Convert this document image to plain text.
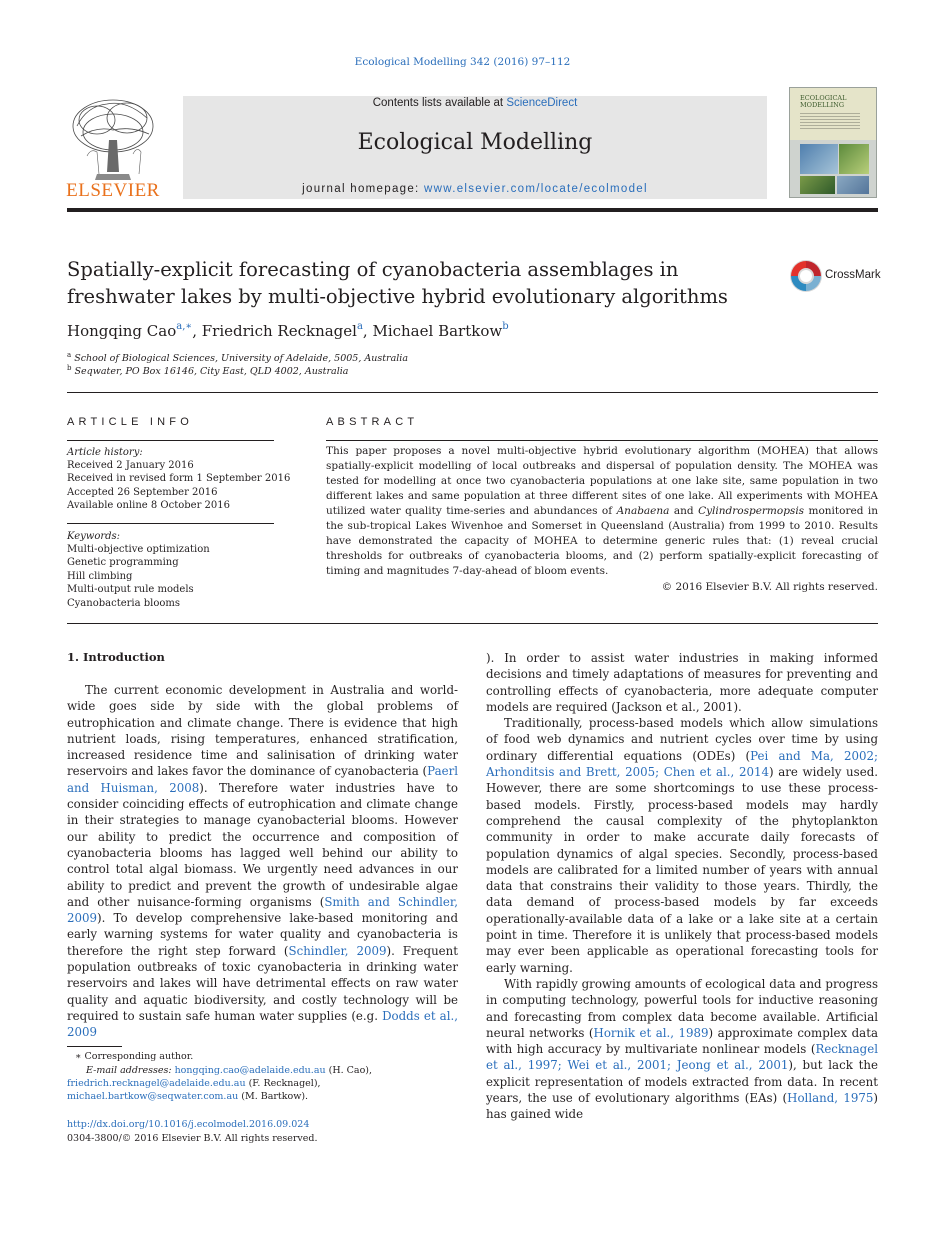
Ecological Modelling 342 (2016) 97–112
Contents lists available at ScienceDirect
Ecological Modelling
journal homepage: www.elsevier.com/locate/ecolmodel
ELSEVIER
ECOLOGICAL MODELLING
Spatially-explicit forecasting of cyanobacteria assemblages in
freshwater lakes by multi-objective hybrid evolutionary algorithms
CrossMark
Hongqing Cao$^{a,∗}$, Friedrich Recknagel$^a$, Michael Bartkow$^b$
$^a$ School of Biological Sciences, University of Adelaide, 5005, Australia
$^b$ Seqwater, PO Box 16146, City East, QLD 4002, Australia
ARTICLE INFO
Article history:
Received 2 January 2016
Received in revised form 1 September 2016
Accepted 26 September 2016
Available online 8 October 2016
Keywords:
Multi-objective optimization
Genetic programming
Hill climbing
Multi-output rule models
Cyanobacteria blooms
ABSTRACT
This paper proposes a novel multi-objective hybrid evolutionary algorithm (MOHEA) that allows spatially-explicit modelling of local outbreaks and dispersal of population density. The MOHEA was tested for modelling at once two cyanobacteria populations at one lake site, same population in two different lakes and same population at three different sites of one lake. All experiments with MOHEA utilized water quality time-series and abundances of Anabaena and Cylindrospermopsis monitored in the sub-tropical Lakes Wivenhoe and Somerset in Queensland (Australia) from 1999 to 2010. Results have demonstrated the capacity of MOHEA to determine generic rules that: (1) reveal crucial thresholds for outbreaks of cyanobacteria blooms, and (2) perform spatially-explicit forecasting of timing and magnitudes 7-day-ahead of bloom events.
© 2016 Elsevier B.V. All rights reserved.
1. Introduction

The current economic development in Australia and world-wide goes side by side with the global problems of eutrophication and climate change. There is evidence that high nutrient loads, rising temperatures, enhanced stratification, increased residence time and salinisation of drinking water reservoirs and lakes favor the dominance of cyanobacteria (Paerl and Huisman, 2008). Therefore water industries have to consider coinciding effects of eutrophication and climate change in their strategies to manage cyanobacterial blooms. However our ability to predict the occurrence and composition of cyanobacteria blooms has lagged well behind our ability to control total algal biomass. We urgently need advances in our ability to predict and prevent the growth of undesirable algae and other nuisance-forming organisms (Smith and Schindler, 2009). To develop comprehensive lake-based monitoring and early warning systems for water quality and cyanobacteria is therefore the right step forward (Schindler, 2009). Frequent population outbreaks of toxic cyanobacteria in drinking water reservoirs and lakes will have detrimental effects on raw water quality and aquatic biodiversity, and costly technology will be required to sustain safe human water supplies (e.g. Dodds et al., 2009

). In order to assist water industries in making informed decisions and timely adaptations of measures for preventing and controlling effects of cyanobacteria, more adequate computer models are required (Jackson et al., 2001).

Traditionally, process-based models which allow simulations of food web dynamics and nutrient cycles over time by using ordinary differential equations (ODEs) (Pei and Ma, 2002; Arhonditsis and Brett, 2005; Chen et al., 2014) are widely used. However, there are some shortcomings to use these process-based models. Firstly, process-based models may hardly comprehend the causal complexity of the phytoplankton community in order to make accurate daily forecasts of population dynamics of algal species. Secondly, process-based models are calibrated for a limited number of years with annual data that constrains their validity to those years. Thirdly, the data demand of process-based models by far exceeds operationally-available data of a lake or a lake site at a certain point in time. Therefore it is unlikely that process-based models may ever been applicable as operational forecasting tools for early warning.

With rapidly growing amounts of ecological data and progress in computing technology, powerful tools for inductive reasoning and forecasting from complex data become available. Artificial neural networks (Hornik et al., 1989) approximate complex data with high accuracy by multivariate nonlinear models (Recknagel et al., 1997; Wei et al., 2001; Jeong et al., 2001), but lack the explicit representation of models extracted from data. In recent years, the use of evolutionary algorithms (EAs) (Holland, 1975) has gained wide

∗ Corresponding author.
E-mail addresses: hongqing.cao@adelaide.edu.au (H. Cao),
friedrich.recknagel@adelaide.edu.au (F. Recknagel),
michael.bartkow@seqwater.com.au (M. Bartkow).
http://dx.doi.org/10.1016/j.ecolmodel.2016.09.024
0304-3800/© 2016 Elsevier B.V. All rights reserved.
